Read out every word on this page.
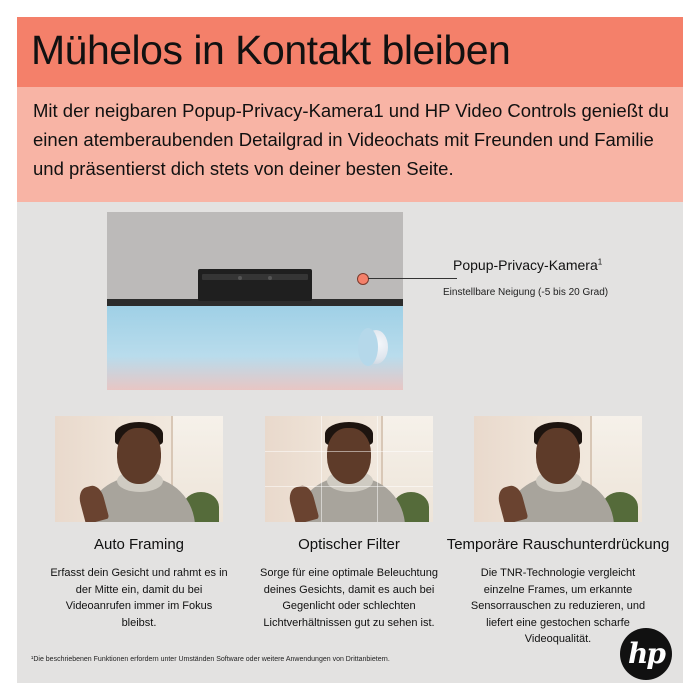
Mühelos in Kontakt bleiben
Mit der neigbaren Popup-Privacy-Kamera1 und HP Video Controls genießt du einen atemberaubenden Detailgrad in Videochats mit Freunden und Familie und präsentierst dich stets von deiner besten Seite.
Popup-Privacy-Kamera$^1$
Einstellbare Neigung (-5 bis 20 Grad)
Auto Framing
Erfasst dein Gesicht und rahmt es in der Mitte ein, damit du bei Videoanrufen immer im Fokus bleibst.
Optischer Filter
Sorge für eine optimale Beleuchtung deines Gesichts, damit es auch bei Gegenlicht oder schlechten Lichtverhältnissen gut zu sehen ist.
Temporäre Rauschunterdrückung
Die TNR-Technologie vergleicht einzelne Frames, um erkannte Sensorrauschen zu reduzieren, und liefert eine gestochen scharfe Videoqualität.
¹Die beschriebenen Funktionen erfordern unter Umständen Software oder weitere Anwendungen von Drittanbietern.	hp
